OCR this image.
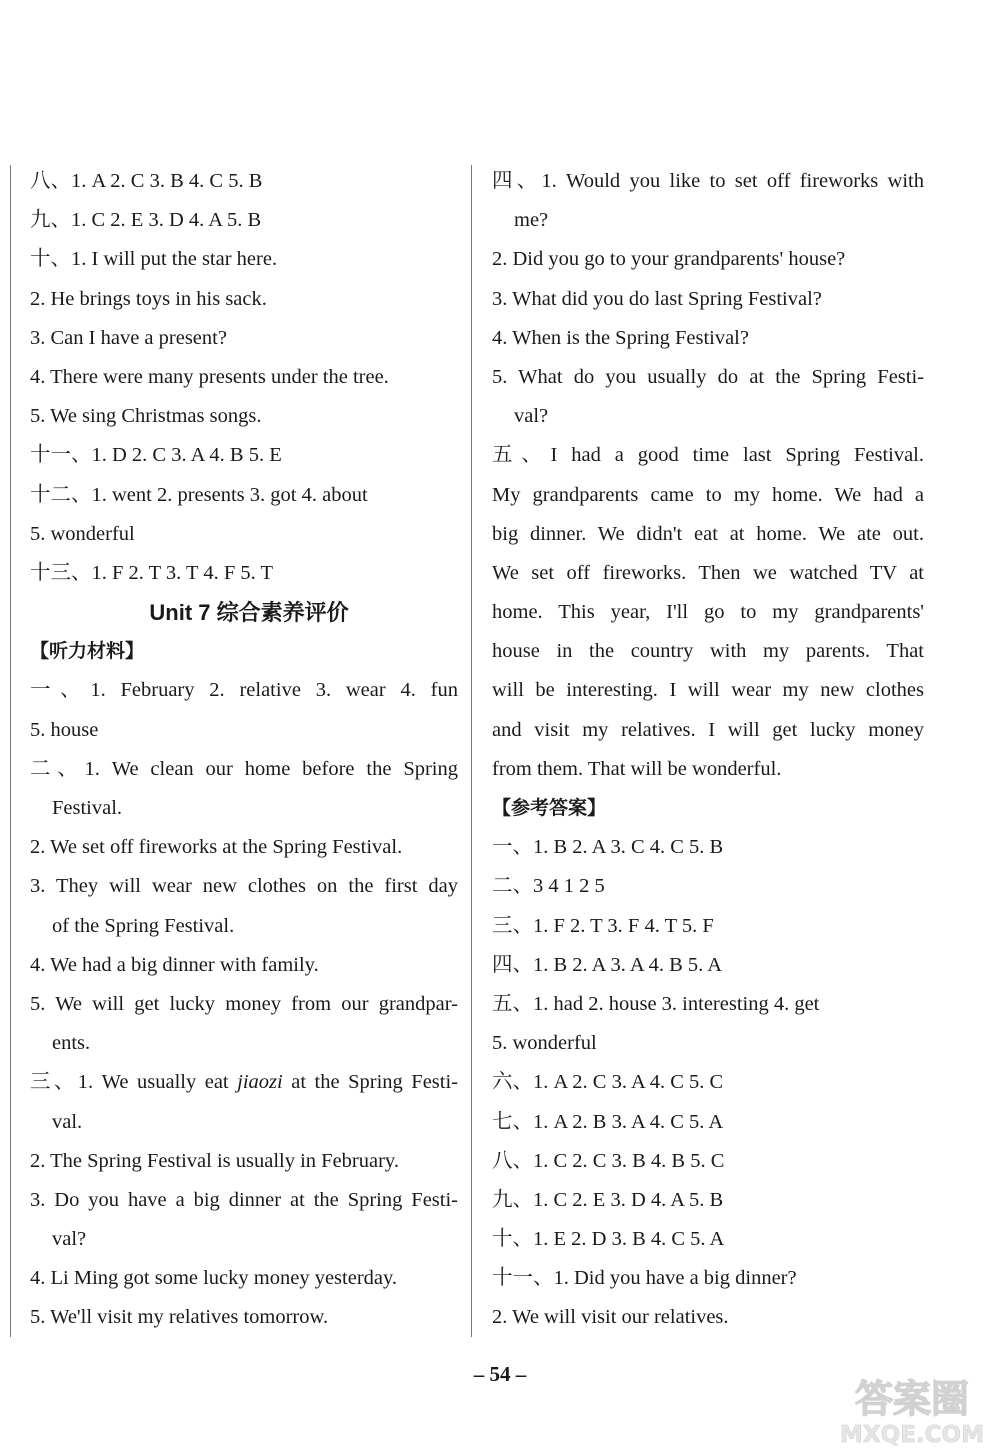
八、1. A 2. C 3. B 4. C 5. B
九、1. C 2. E 3. D 4. A 5. B
十、1. I will put the star here.
2. He brings toys in his sack.
3. Can I have a present?
4. There were many presents under the tree.
5. We sing Christmas songs.
十一、1. D 2. C 3. A 4. B 5. E
十二、1. went 2. presents 3. got 4. about
5. wonderful
十三、1. F 2. T 3. T 4. F 5. T
Unit 7 综合素养评价
【听力材料】
一、1. February 2. relative 3. wear 4. fun
5. house
二、1. We clean our home before the Spring
Festival.
2. We set off fireworks at the Spring Festival.
3. They will wear new clothes on the first day
of the Spring Festival.
4. We had a big dinner with family.
5. We will get lucky money from our grandpar-
ents.
三、1. We usually eat jiaozi at the Spring Festi-
val.
2. The Spring Festival is usually in February.
3. Do you have a big dinner at the Spring Festi-
val?
4. Li Ming got some lucky money yesterday.
5. We'll visit my relatives tomorrow.
四、1. Would you like to set off fireworks with
me?
2. Did you go to your grandparents' house?
3. What did you do last Spring Festival?
4. When is the Spring Festival?
5. What do you usually do at the Spring Festi-
val?
五、I had a good time last Spring Festival.
My grandparents came to my home. We had a
big dinner. We didn't eat at home. We ate out.
We set off fireworks. Then we watched TV at
home. This year, I'll go to my grandparents'
house in the country with my parents. That
will be interesting. I will wear my new clothes
and visit my relatives. I will get lucky money
from them. That will be wonderful.
【参考答案】
一、1. B 2. A 3. C 4. C 5. B
二、3 4 1 2 5
三、1. F 2. T 3. F 4. T 5. F
四、1. B 2. A 3. A 4. B 5. A
五、1. had 2. house 3. interesting 4. get
5. wonderful
六、1. A 2. C 3. A 4. C 5. C
七、1. A 2. B 3. A 4. C 5. A
八、1. C 2. C 3. B 4. B 5. C
九、1. C 2. E 3. D 4. A 5. B
十、1. E 2. D 3. B 4. C 5. A
十一、1. Did you have a big dinner?
2. We will visit our relatives.
– 54 –
答案圈
MXQE.COM
